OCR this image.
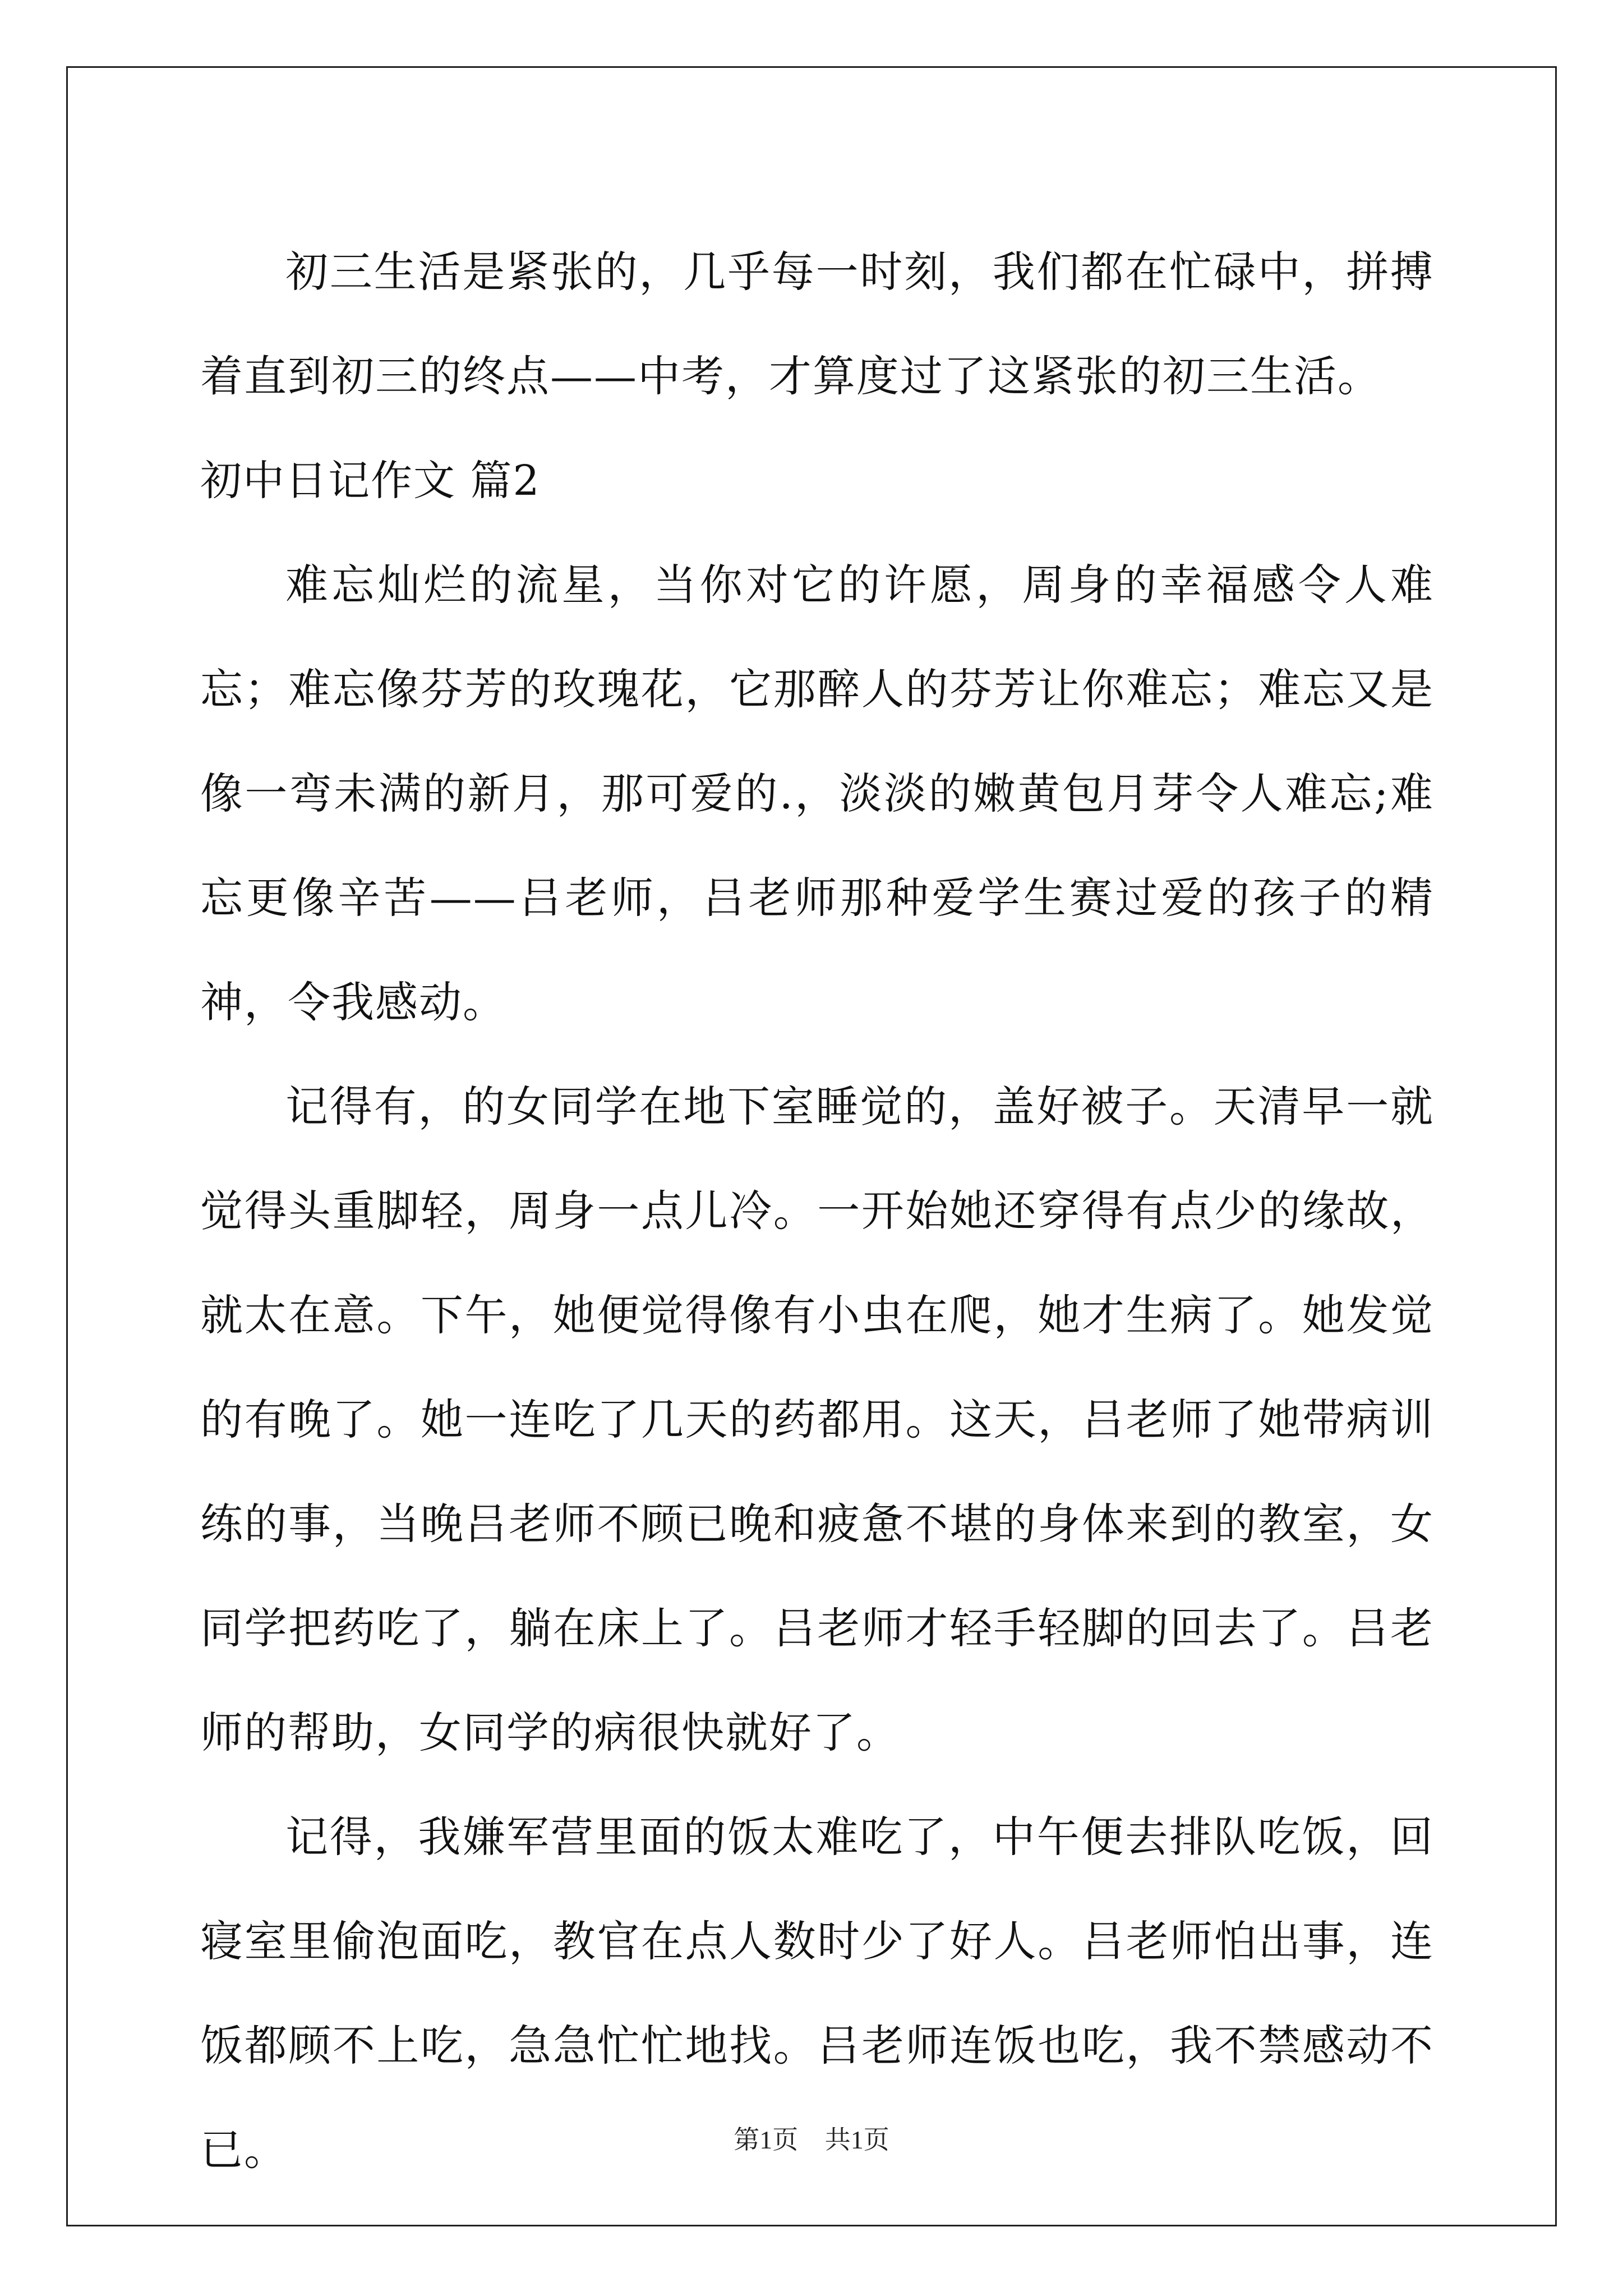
初三生活是紧张的，几乎每一时刻，我们都在忙碌中，拼搏着直到初三的终点——中考，才算度过了这紧张的初三生活。

初中日记作文 篇2

难忘灿烂的流星，当你对它的许愿，周身的幸福感令人难忘；难忘像芬芳的玫瑰花，它那醉人的芬芳让你难忘；难忘又是像一弯未满的新月，那可爱的.，淡淡的嫩黄包月芽令人难忘;难忘更像辛苦——吕老师，吕老师那种爱学生赛过爱的孩子的精神，令我感动。

记得有，的女同学在地下室睡觉的，盖好被子。天清早一就觉得头重脚轻，周身一点儿冷。一开始她还穿得有点少的缘故，就太在意。下午，她便觉得像有小虫在爬，她才生病了。她发觉的有晚了。她一连吃了几天的药都用。这天，吕老师了她带病训练的事，当晚吕老师不顾已晚和疲惫不堪的身体来到的教室，女同学把药吃了，躺在床上了。吕老师才轻手轻脚的回去了。吕老师的帮助，女同学的病很快就好了。

记得，我嫌军营里面的饭太难吃了，中午便去排队吃饭，回寝室里偷泡面吃，教官在点人数时少了好人。吕老师怕出事，连饭都顾不上吃，急急忙忙地找。吕老师连饭也吃，我不禁感动不已。	第1页 共1页
